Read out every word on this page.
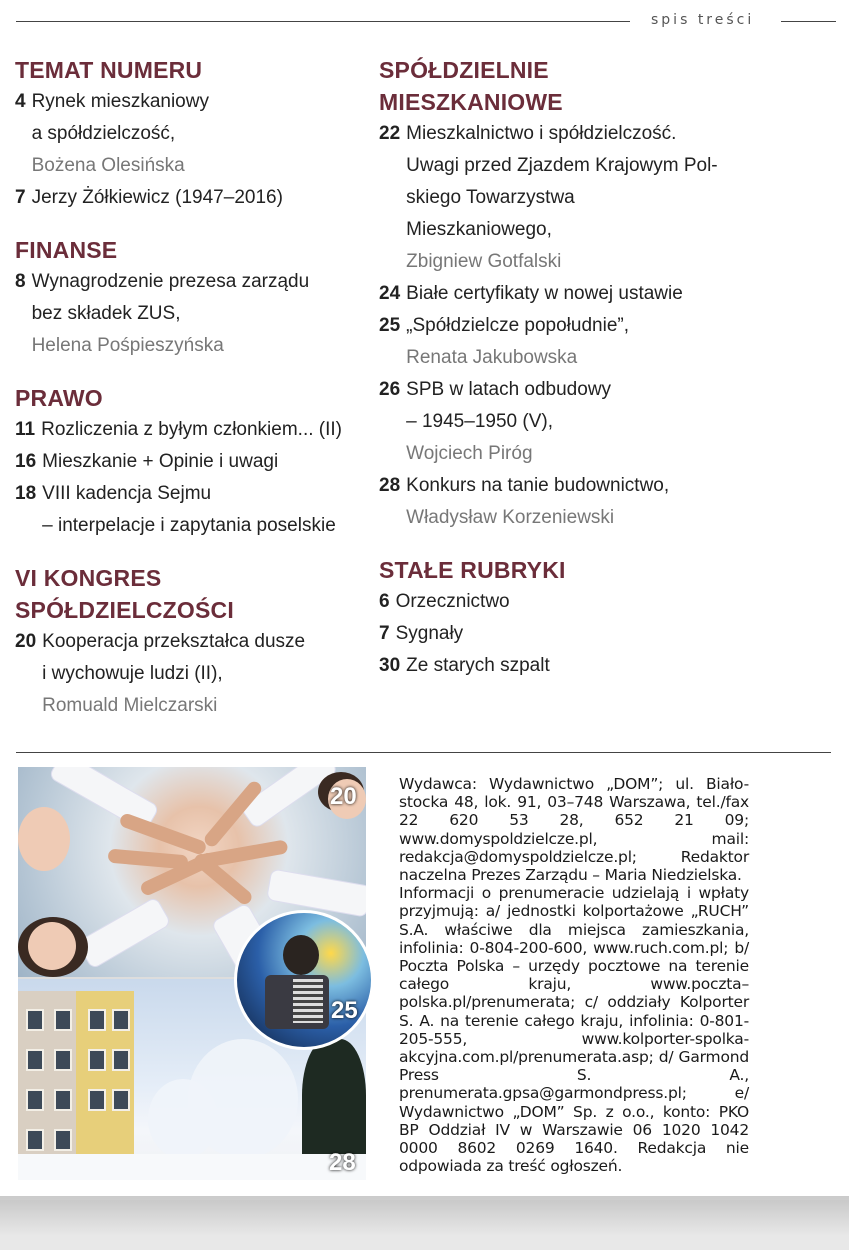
spis treści
TEMAT NUMERU
4 Rynek mieszkaniowy
a spółdzielczość,
Bożena Olesińska
7 Jerzy Żółkiewicz (1947–2016)
FINANSE
8 Wynagrodzenie prezesa zarządu
bez składek ZUS,
Helena Pośpieszyńska
PRAWO
11 Rozliczenia z byłym członkiem... (II)
16 Mieszkanie + Opinie i uwagi
18 VIII kadencja Sejmu
– interpelacje i zapytania poselskie
VI KONGRES SPÓŁDZIELCZOŚCI
20 Kooperacja przekształca dusze
i wychowuje ludzi (II),
Romuald Mielczarski
SPÓŁDZIELNIE MIESZKANIOWE
22 Mieszkalnictwo i spółdzielczość.
Uwagi przed Zjazdem Krajowym Pol-
skiego Towarzystwa Mieszkaniowego,
Zbigniew Gotfalski
24 Białe certyfikaty w nowej ustawie
25 „Spółdzielcze popołudnie”,
Renata Jakubowska
26 SPB w latach odbudowy
– 1945–1950 (V),
Wojciech Piróg
28 Konkurs na tanie budownictwo,
Władysław Korzeniewski
STAŁE RUBRYKI
6 Orzecznictwo
7 Sygnały
30 Ze starych szpalt
20
28
25

Wydawca: Wydawnictwo „DOM”; ul. Biało-stocka 48, lok. 91, 03–748 Warszawa, tel./fax 22 620 53 28, 652 21 09; www.domyspoldzielcze.pl, mail: redakcja@domyspoldzielcze.pl; Redaktor naczelna Prezes Zarządu – Maria Niedzielska.

Informacji o prenumeracie udzielają i wpłaty przyjmują: a/ jednostki kolportażowe „RUCH” S.A. właściwe dla miejsca zamieszkania, infolinia: 0-804-200-600, www.ruch.com.pl; b/ Poczta Polska – urzędy pocztowe na terenie całego kraju, www.poczta–polska.pl/prenumerata; c/ oddziały Kolporter S. A. na terenie całego kraju, infolinia: 0-801-205-555, www.kolporter-spolka-akcyjna.com.pl/prenumerata.asp; d/ Garmond Press S. A., prenumerata.gpsa@garmondpress.pl; e/ Wydawnictwo „DOM” Sp. z o.o., konto: PKO BP Oddział IV w Warszawie 06 1020 1042 0000 8602 0269 1640. Redakcja nie odpowiada za treść ogłoszeń.
